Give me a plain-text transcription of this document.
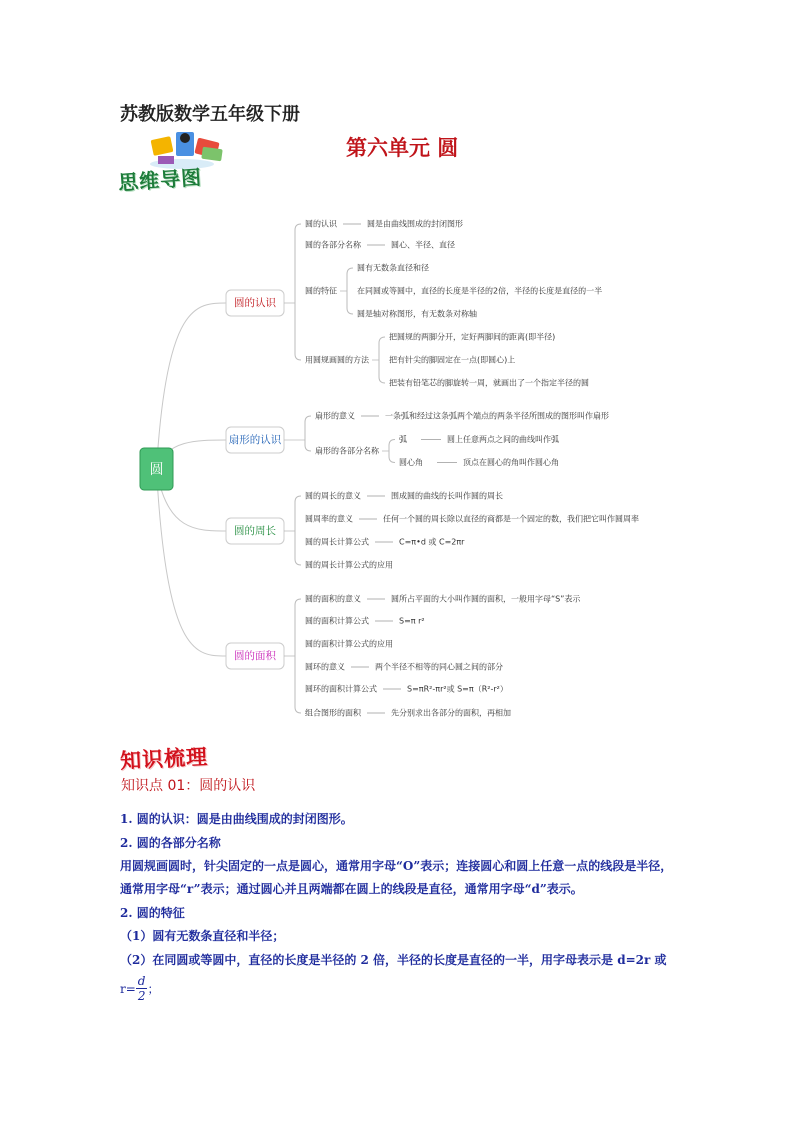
苏教版数学五年级下册
第六单元 圆
思维导图
圆的认识
圆的认识	圆是由曲线围成的封闭图形
圆的各部分名称	圆心、半径、直径
圆的特征
圆有无数条直径和径
在同圆或等圆中，直径的长度是半径的2倍，半径的长度是直径的一半
圆是轴对称图形，有无数条对称轴
用圆规画圆的方法
把圆规的两脚分开，定好两脚间的距离(即半径)
把有针尖的脚固定在一点(即圆心)上
把装有铅笔芯的脚旋转一周，就画出了一个指定半径的圆
扇形的认识
扇形的意义	一条弧和经过这条弧两个端点的两条半径所围成的图形叫作扇形
扇形的各部分名称
弧	圆上任意两点之间的曲线叫作弧
圆心角	顶点在圆心的角叫作圆心角
圆的周长
圆的周长的意义	围成圆的曲线的长叫作圆的周长
圆周率的意义	任何一个圆的周长除以直径的商都是一个固定的数，我们把它叫作圆周率
圆的周长计算公式	C=π•d 或 C=2πr
圆的周长计算公式的应用
圆的面积
圆的面积的意义	圆所占平面的大小叫作圆的面积，一般用字母“S”表示
圆的面积计算公式	S=π r²
圆的面积计算公式的应用
圆环的意义	两个半径不相等的同心圆之间的部分
圆环的面积计算公式	S=πR²-πr²或 S=π（R²-r²）
组合图形的面积	先分别求出各部分的面积，再相加
圆
知识梳理
知识点 01：圆的认识
1. 圆的认识：圆是由曲线围成的封闭图形。
2. 圆的各部分名称
用圆规画圆时，针尖固定的一点是圆心，通常用字母“O”表示；连接圆心和圆上任意一点的线段是半径，
通常用字母“r”表示；通过圆心并且两端都在圆上的线段是直径，通常用字母“d”表示。
2. 圆的特征
（1）圆有无数条直径和半径；
（2）在同圆或等圆中，直径的长度是半径的 2 倍，半径的长度是直径的一半，用字母表示是 d=2r 或
$r= \frac{d}{2}$ ；
